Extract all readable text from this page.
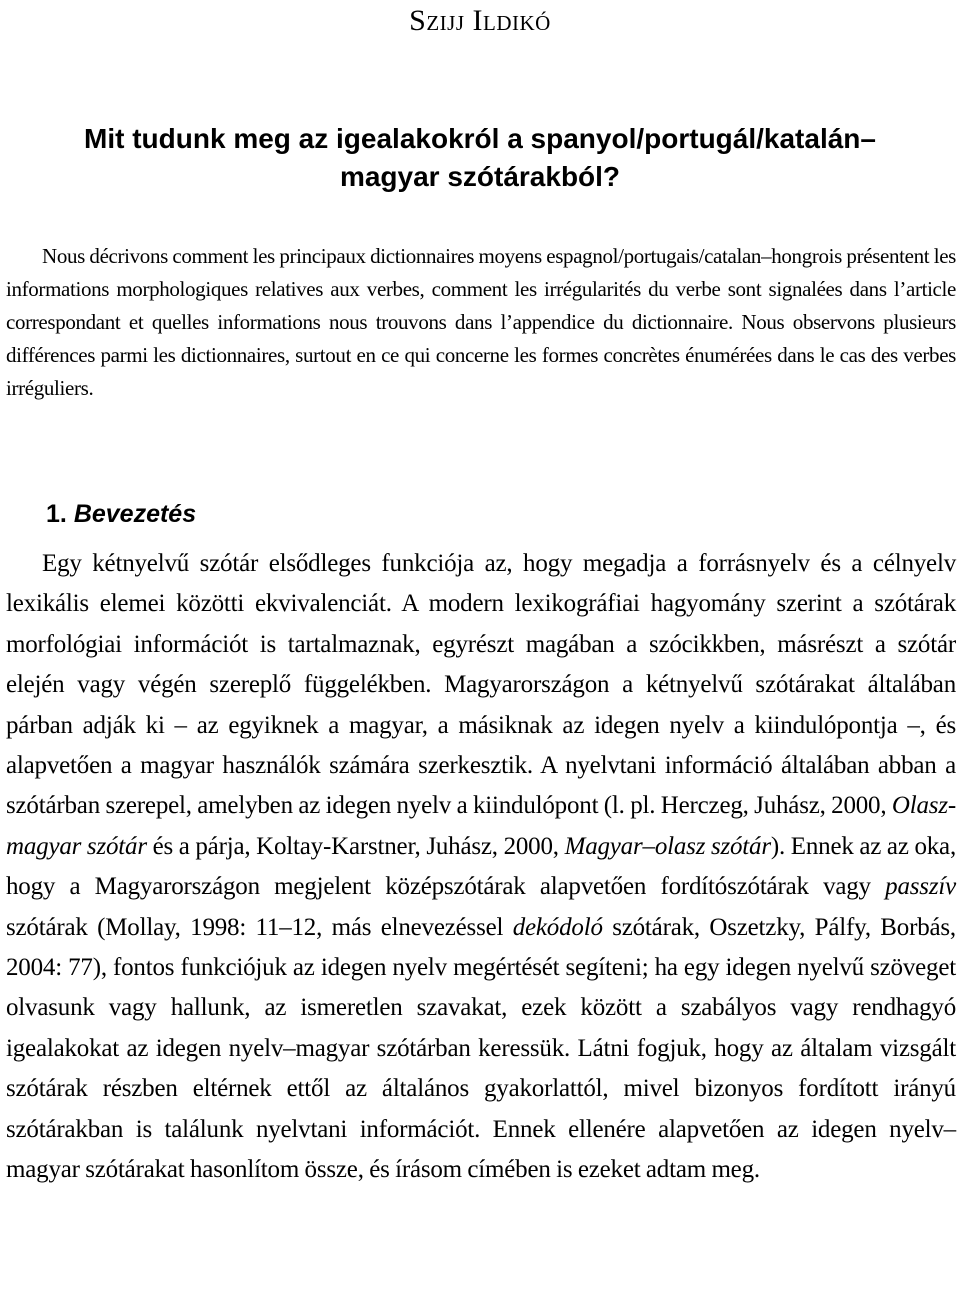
Szijj Ildikó
Mit tudunk meg az igealakokról a spanyol/portugál/katalán–
magyar szótárakból?

Nous décrivons comment les principaux dictionnaires moyens espagnol/portugais/catalan–hongrois présentent les informations morphologiques relatives aux verbes, comment les irrégularités du verbe sont signalées dans l’article correspondant et quelles informations nous trouvons dans l’appendice du dictionnaire. Nous observons plusieurs différences parmi les dictionnaires, surtout en ce qui concerne les formes concrètes énumérées dans le cas des verbes irréguliers.

1. Bevezetés

Egy kétnyelvű szótár elsődleges funkciója az, hogy megadja a forrásnyelv és a célnyelv lexikális elemei közötti ekvivalenciát. A modern lexikográfiai hagyomány szerint a szótárak morfológiai információt is tartalmaznak, egyrészt magában a szócikkben, másrészt a szótár elején vagy végén szereplő függelékben. Magyarországon a kétnyelvű szótárakat általában párban adják ki – az egyiknek a magyar, a másiknak az idegen nyelv a kiindulópontja –, és alapvetően a magyar használók számára szerkesztik. A nyelvtani információ általában abban a szótárban szerepel, amelyben az idegen nyelv a kiindulópont (l. pl. Herczeg, Juhász, 2000, Olasz-magyar szótár és a párja, Koltay-Karstner, Juhász, 2000, Magyar–olasz szótár). Ennek az az oka, hogy a Magyarországon megjelent középszótárak alapvetően fordítószótárak vagy passzív szótárak (Mollay, 1998: 11–12, más elnevezéssel dekódoló szótárak, Oszetzky, Pálfy, Borbás, 2004: 77), fontos funkciójuk az idegen nyelv megértését segíteni; ha egy idegen nyelvű szöveget olvasunk vagy hallunk, az ismeretlen szavakat, ezek között a szabályos vagy rendhagyó igealakokat az idegen nyelv–magyar szótárban keressük. Látni fogjuk, hogy az általam vizsgált szótárak részben eltérnek ettől az általános gyakorlattól, mivel bizonyos fordított irányú szótárakban is találunk nyelvtani információt. Ennek ellenére alapvetően az idegen nyelv–magyar szótárakat hasonlítom össze, és írásom címében is ezeket adtam meg.
